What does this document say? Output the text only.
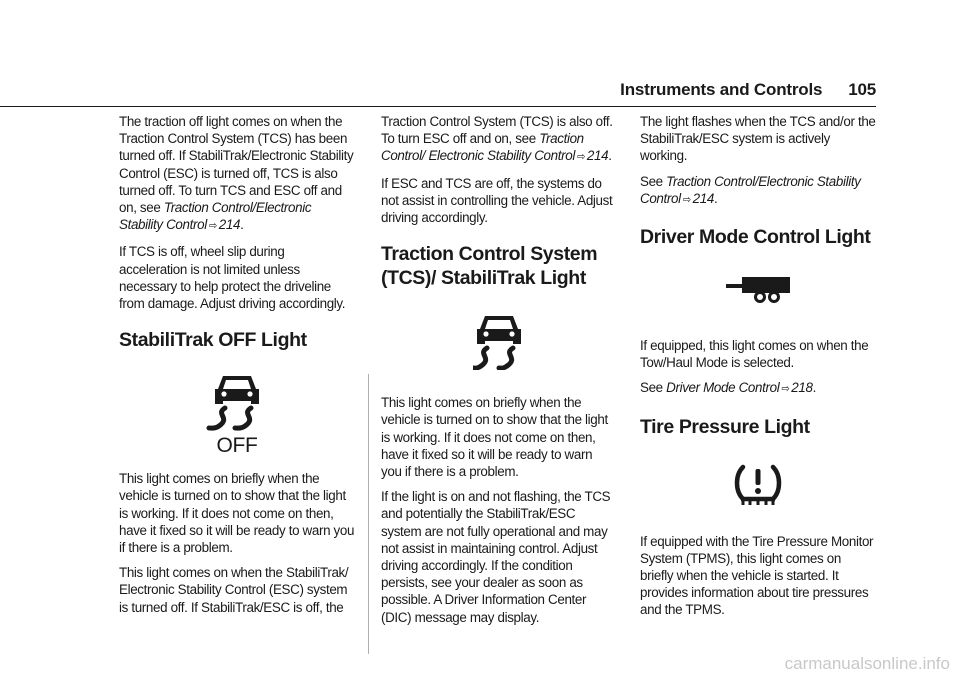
Instruments and Controls 105

The traction off light comes on when the Traction Control System (TCS) has been turned off. If StabiliTrak/Electronic Stability Control (ESC) is turned off, TCS is also turned off. To turn TCS and ESC off and on, see Traction Control/Electronic Stability Control ⇨ 214.

If TCS is off, wheel slip during acceleration is not limited unless necessary to help protect the driveline from damage. Adjust driving accordingly.

StabiliTrak OFF Light
OFF

This light comes on briefly when the vehicle is turned on to show that the light is working. If it does not come on then, have it fixed so it will be ready to warn you if there is a problem.

This light comes on when the StabiliTrak/ Electronic Stability Control (ESC) system is turned off. If StabiliTrak/ESC is off, the

Traction Control System (TCS) is also off. To turn ESC off and on, see Traction Control/ Electronic Stability Control ⇨ 214.

If ESC and TCS are off, the systems do not assist in controlling the vehicle. Adjust driving accordingly.

Traction Control System (TCS)/ StabiliTrak Light

This light comes on briefly when the vehicle is turned on to show that the light is working. If it does not come on then, have it fixed so it will be ready to warn you if there is a problem.

If the light is on and not flashing, the TCS and potentially the StabiliTrak/ESC system are not fully operational and may not assist in maintaining control. Adjust driving accordingly. If the condition persists, see your dealer as soon as possible. A Driver Information Center (DIC) message may display.

The light flashes when the TCS and/or the StabiliTrak/ESC system is actively working.

See Traction Control/Electronic Stability Control ⇨ 214.

Driver Mode Control Light

If equipped, this light comes on when the Tow/Haul Mode is selected.

See Driver Mode Control ⇨ 218.

Tire Pressure Light

If equipped with the Tire Pressure Monitor System (TPMS), this light comes on briefly when the vehicle is started. It provides information about tire pressures and the TPMS.

carmanualsonline.info
